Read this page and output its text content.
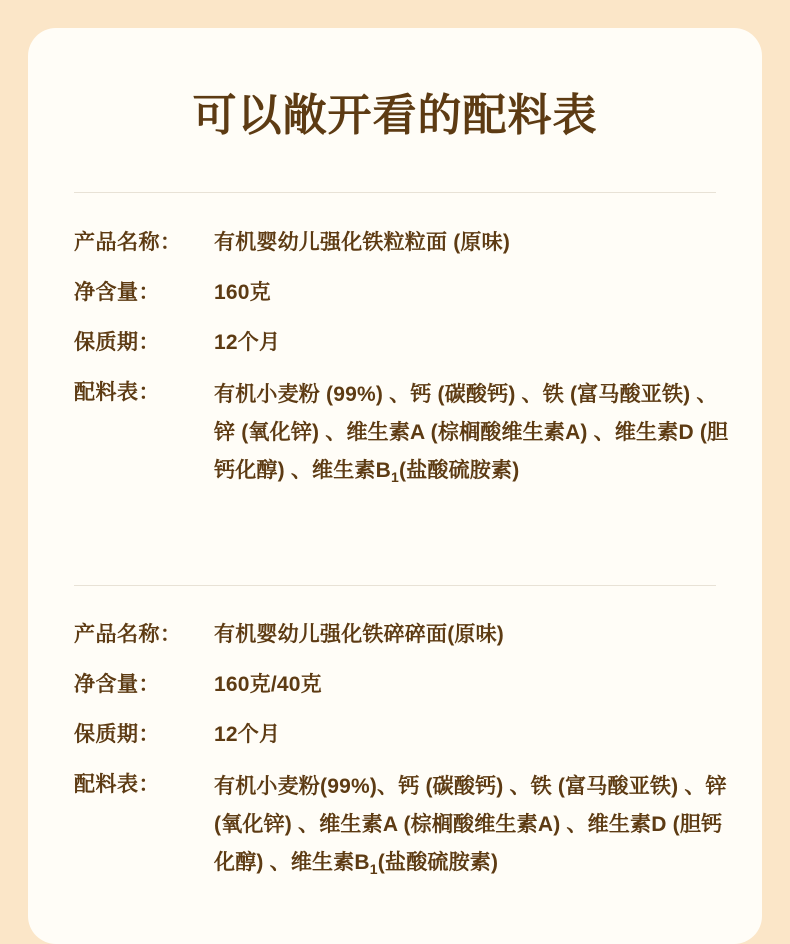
可以敞开看的配料表
产品名称：	有机婴幼儿强化铁粒粒面 (原味)
净含量：	160克
保质期：	12个月
配料表：	有机小麦粉 (99%) 、钙 (碳酸钙) 、铁 (富马酸亚铁) 、锌 (氧化锌) 、维生素A (棕榈酸维生素A) 、维生素D (胆钙化醇) 、维生素$B_1$(盐酸硫胺素)
产品名称：	有机婴幼儿强化铁碎碎面(原味)
净含量：	160克/40克
保质期：	12个月
配料表：	有机小麦粉(99%)、钙 (碳酸钙) 、铁 (富马酸亚铁) 、锌 (氧化锌) 、维生素A (棕榈酸维生素A) 、维生素D (胆钙化醇) 、维生素$B_1$(盐酸硫胺素)
